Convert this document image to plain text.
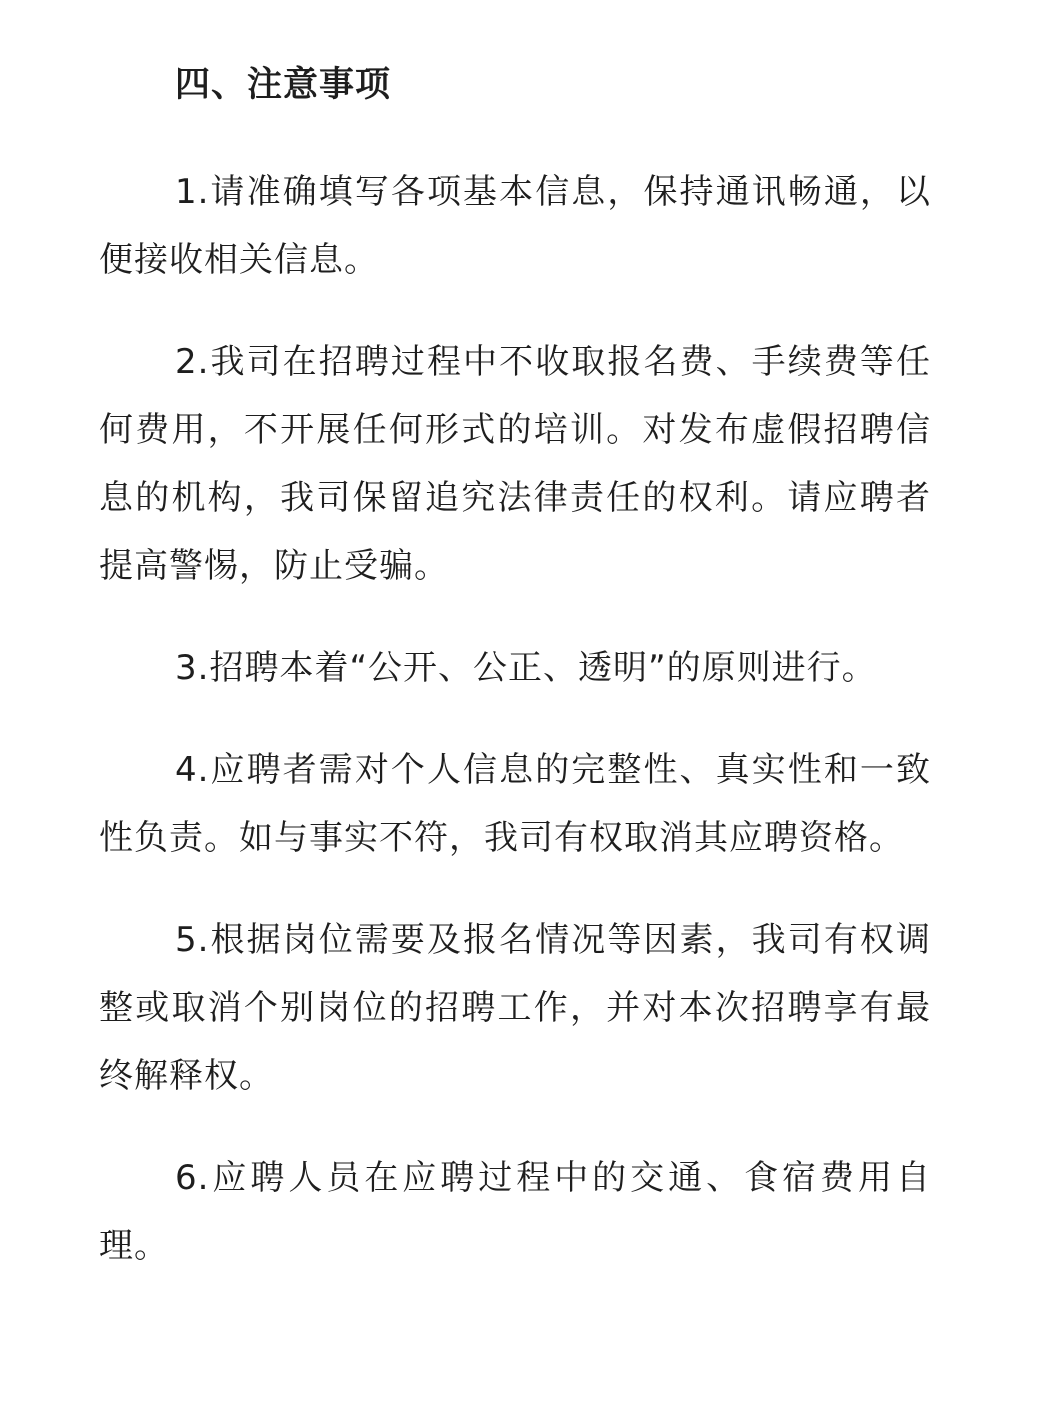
四、注意事项

1.请准确填写各项基本信息，保持通讯畅通，以便接收相关信息。

2.我司在招聘过程中不收取报名费、手续费等任何费用，不开展任何形式的培训。对发布虚假招聘信息的机构，我司保留追究法律责任的权利。请应聘者提高警惕，防止受骗。

3.招聘本着“公开、公正、透明”的原则进行。

4.应聘者需对个人信息的完整性、真实性和一致性负责。如与事实不符，我司有权取消其应聘资格。

5.根据岗位需要及报名情况等因素，我司有权调整或取消个别岗位的招聘工作，并对本次招聘享有最终解释权。

6.应聘人员在应聘过程中的交通、食宿费用自理。
